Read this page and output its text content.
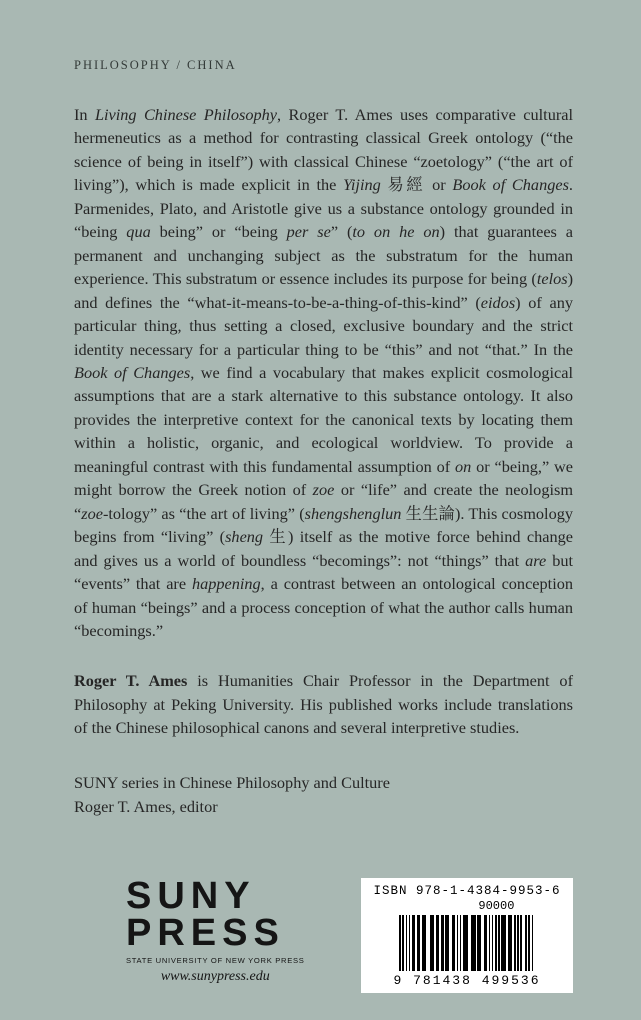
PHILOSOPHY / CHINA

In Living Chinese Philosophy, Roger T. Ames uses comparative cultural hermeneutics as a method for contrasting classical Greek ontology (“the science of being in itself”) with classical Chinese “zoetology” (“the art of living”), which is made explicit in the Yijing 易經 or Book of Changes. Parmenides, Plato, and Aristotle give us a substance ontology grounded in “being qua being” or “being per se” (to on he on) that guarantees a permanent and unchanging subject as the substratum for the human experience. This substratum or essence includes its purpose for being (telos) and defines the “what-it-means-to-be-a-thing-of-this-kind” (eidos) of any particular thing, thus setting a closed, exclusive boundary and the strict identity necessary for a particular thing to be “this” and not “that.” In the Book of Changes, we find a vocabulary that makes explicit cosmological assumptions that are a stark alternative to this substance ontology. It also provides the interpretive context for the canonical texts by locating them within a holistic, organic, and ecological worldview. To provide a meaningful contrast with this fundamental assumption of on or “being,” we might borrow the Greek notion of zoe or “life” and create the neologism “zoe-tology” as “the art of living” (shengshenglun 生生論). This cosmology begins from “living” (sheng 生) itself as the motive force behind change and gives us a world of boundless “becomings”: not “things” that are but “events” that are happening, a contrast between an ontological conception of human “beings” and a process conception of what the author calls human “becomings.”

Roger T. Ames is Humanities Chair Professor in the Department of Philosophy at Peking University. His published works include translations of the Chinese philosophical canons and several interpretive studies.

SUNY series in Chinese Philosophy and Culture
Roger T. Ames, editor
SUNY
PRESS
STATE UNIVERSITY OF NEW YORK PRESS
www.sunypress.edu
ISBN 978-1-4384-9953-6
90000
9 781438 499536
